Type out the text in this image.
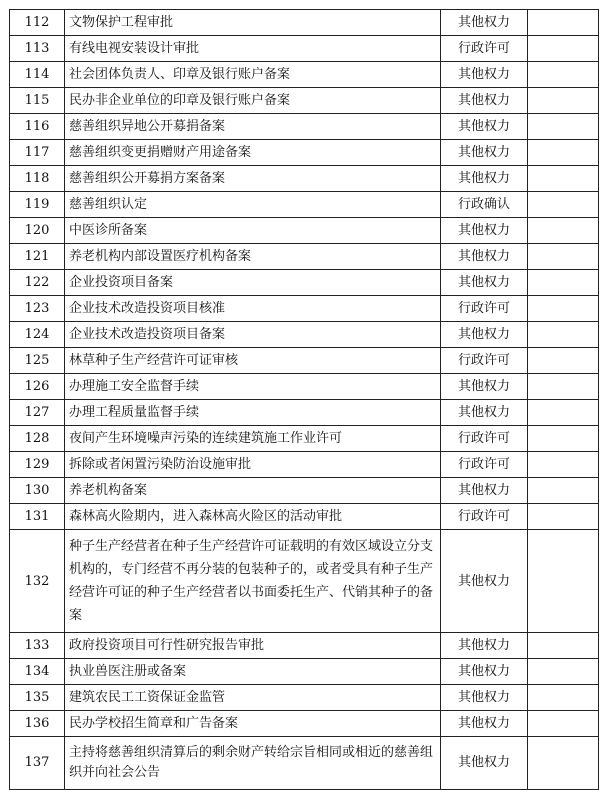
112	文物保护工程审批	其他权力	
113	有线电视安装设计审批	行政许可	
114	社会团体负责人、印章及银行账户备案	其他权力	
115	民办非企业单位的印章及银行账户备案	其他权力	
116	慈善组织异地公开募捐备案	其他权力	
117	慈善组织变更捐赠财产用途备案	其他权力	
118	慈善组织公开募捐方案备案	其他权力	
119	慈善组织认定	行政确认	
120	中医诊所备案	其他权力	
121	养老机构内部设置医疗机构备案	其他权力	
122	企业投资项目备案	其他权力	
123	企业技术改造投资项目核准	行政许可	
124	企业技术改造投资项目备案	其他权力	
125	林草种子生产经营许可证审核	行政许可	
126	办理施工安全监督手续	其他权力	
127	办理工程质量监督手续	其他权力	
128	夜间产生环境噪声污染的连续建筑施工作业许可	行政许可	
129	拆除或者闲置污染防治设施审批	行政许可	
130	养老机构备案	其他权力	
131	森林高火险期内，进入森林高火险区的活动审批	行政许可	
132	种子生产经营者在种子生产经营许可证载明的有效区域设立分支机构的，专门经营不再分装的包装种子的，或者受具有种子生产经营许可证的种子生产经营者以书面委托生产、代销其种子的备案	其他权力	
133	政府投资项目可行性研究报告审批	其他权力	
134	执业兽医注册或备案	其他权力	
135	建筑农民工工资保证金监管	其他权力	
136	民办学校招生简章和广告备案	其他权力	
137	主持将慈善组织清算后的剩余财产转给宗旨相同或相近的慈善组织并向社会公告	其他权力	
